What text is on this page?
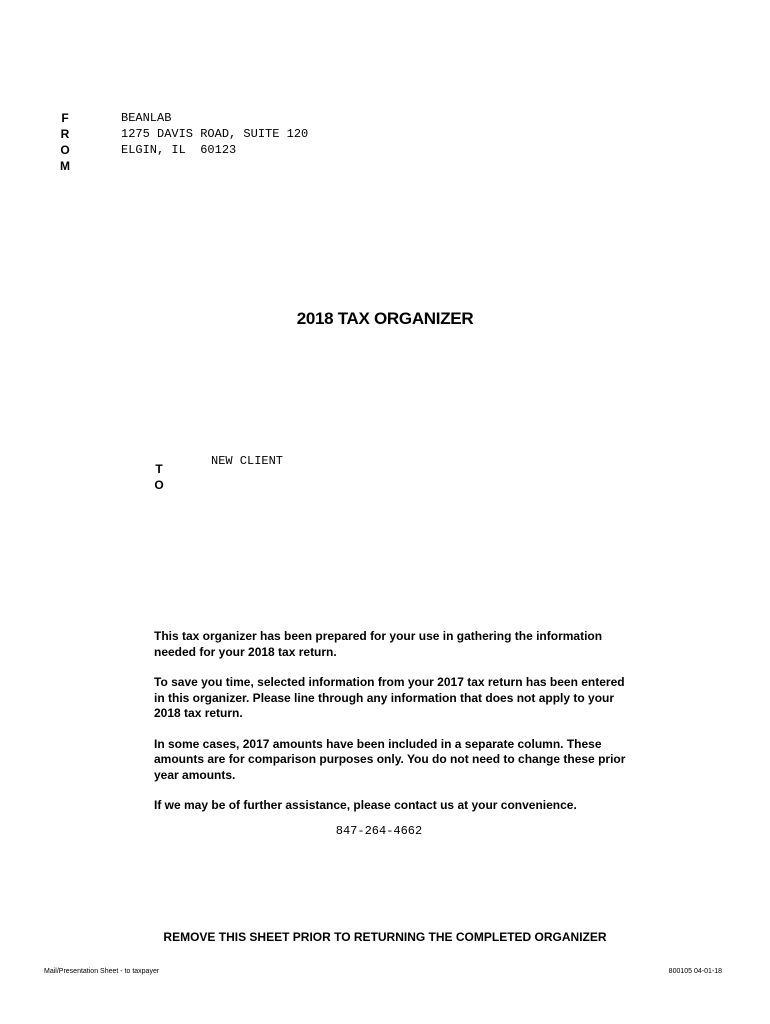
F
R
O
M
BEANLAB
1275 DAVIS ROAD, SUITE 120
ELGIN, IL  60123
2018 TAX ORGANIZER
T
O
NEW CLIENT

This tax organizer has been prepared for your use in gathering the information needed for your 2018 tax return.

To save you time, selected information from your 2017 tax return has been entered in this organizer. Please line through any information that does not apply to your 2018 tax return.

In some cases, 2017 amounts have been included in a separate column. These amounts are for comparison purposes only. You do not need to change these prior year amounts.

If we may be of further assistance, please contact us at your convenience.

847-264-4662
REMOVE THIS SHEET PRIOR TO RETURNING THE COMPLETED ORGANIZER
Mail/Presentation Sheet - to taxpayer	800105 04-01-18
